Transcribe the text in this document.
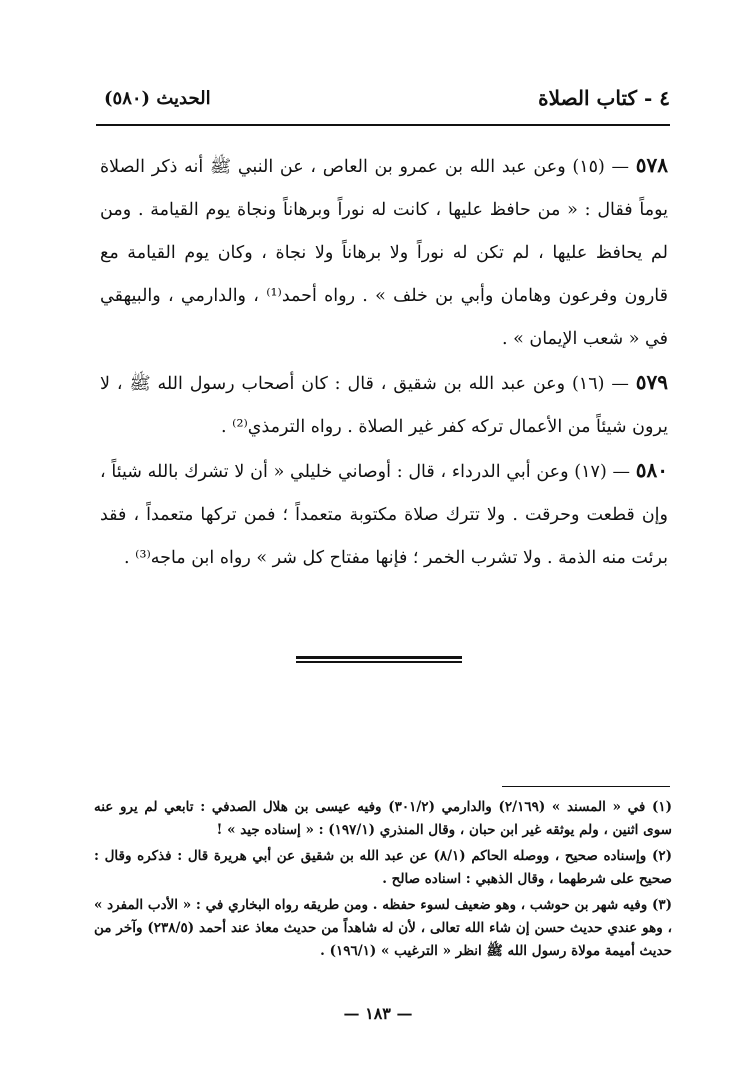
٤ - كتاب الصلاة
الحديث (٥٨٠)

٥٧٨ — (١٥) وعن عبد الله بن عمرو بن العاص ، عن النبي ﷺ أنه ذكر الصلاة يوماً فقال : « من حافظ عليها ، كانت له نوراً وبرهاناً ونجاة يوم القيامة . ومن لم يحافظ عليها ، لم تكن له نوراً ولا برهاناً ولا نجاة ، وكان يوم القيامة مع قارون وفرعون وهامان وأبي بن خلف » . رواه أحمد⁽¹⁾ ، والدارمي ، والبيهقي في « شعب الإيمان » .

٥٧٩ — (١٦) وعن عبد الله بن شقيق ، قال : كان أصحاب رسول الله ﷺ ، لا يرون شيئاً من الأعمال تركه كفر غير الصلاة . رواه الترمذي⁽²⁾ .

٥٨٠ — (١٧) وعن أبي الدرداء ، قال : أوصاني خليلي « أن لا تشرك بالله شيئاً ، وإن قطعت وحرقت . ولا تترك صلاة مكتوبة متعمداً ؛ فمن تركها متعمداً ، فقد برئت منه الذمة . ولا تشرب الخمر ؛ فإنها مفتاح كل شر » رواه ابن ماجه⁽³⁾ .

(١) في « المسند » (٢/١٦٩) والدارمي (٣٠١/٢) وفيه عيسى بن هلال الصدفي : تابعي لم يرو عنه سوى اثنين ، ولم يوثقه غير ابن حبان ، وقال المنذري (١٩٧/١) : « إسناده جيد » !

(٢) وإسناده صحيح ، ووصله الحاكم (٨/١) عن عبد الله بن شقيق عن أبي هريرة قال : فذكره وقال : صحيح على شرطهما ، وقال الذهبي : اسناده صالح .

(٣) وفيه شهر بن حوشب ، وهو ضعيف لسوء حفظه . ومن طريقه رواه البخاري في : « الأدب المفرد » ، وهو عندي حديث حسن إن شاء الله تعالى ، لأن له شاهداً من حديث معاذ عند أحمد (٢٣٨/٥) وآخر من حديث أميمة مولاة رسول الله ﷺ انظر « الترغيب » (١٩٦/١) .

— ١٨٣ —
